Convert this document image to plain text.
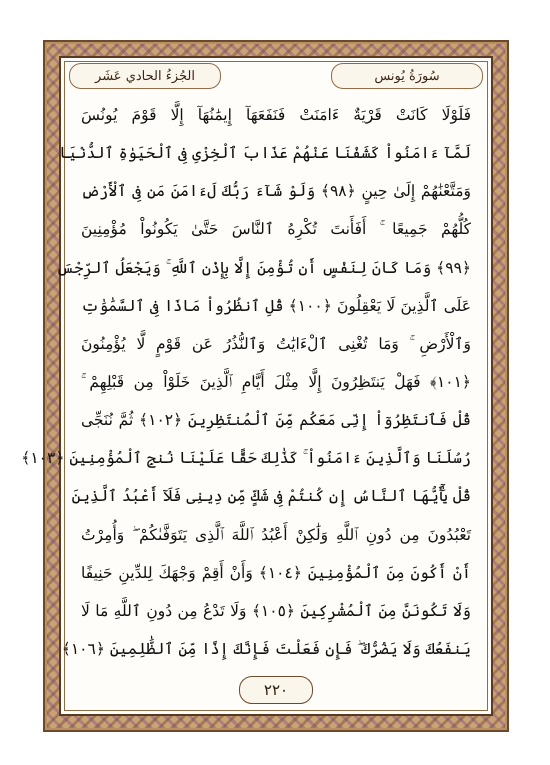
الجُزءُ الحادي عَشَر	سُورَةُ يُونس
فَلَوْلَا كَانَتْ قَرْيَةٌ ءَامَنَتْ فَنَفَعَهَآ إِيمَٰنُهَآ إِلَّا قَوْمَ يُونُسَ
لَمَّآ ءَامَنُواْ كَشَفْنَا عَنْهُمْ عَذَابَ ٱلْخِزْىِ فِى ٱلْحَيَوٰةِ ٱلدُّنْيَا
وَمَتَّعْنَٰهُمْ إِلَىٰ حِينٍ ﴿٩٨﴾ وَلَوْ شَآءَ رَبُّكَ لَءَامَنَ مَن فِى ٱلْأَرْضِ
كُلُّهُمْ جَمِيعًا ۚ أَفَأَنتَ تُكْرِهُ ٱلنَّاسَ حَتَّىٰ يَكُونُواْ مُؤْمِنِينَ
﴿٩٩﴾ وَمَا كَانَ لِنَفْسٍ أَن تُؤْمِنَ إِلَّا بِإِذْنِ ٱللَّهِ ۚ وَيَجْعَلُ ٱلرِّجْسَ
عَلَى ٱلَّذِينَ لَا يَعْقِلُونَ ﴿١٠٠﴾ قُلِ ٱنظُرُواْ مَاذَا فِى ٱلسَّمَٰوَٰتِ
وَٱلْأَرْضِ ۚ وَمَا تُغْنِى ٱلْءَايَٰتُ وَٱلنُّذُرُ عَن قَوْمٍ لَّا يُؤْمِنُونَ
﴿١٠١﴾ فَهَلْ يَنتَظِرُونَ إِلَّا مِثْلَ أَيَّامِ ٱلَّذِينَ خَلَوْاْ مِن قَبْلِهِمْ ۚ
قُلْ فَٱنتَظِرُوٓاْ إِنِّى مَعَكُم مِّنَ ٱلْمُنتَظِرِينَ ﴿١٠٢﴾ ثُمَّ نُنَجِّى
رُسُلَنَا وَٱلَّذِينَ ءَامَنُواْ ۚ كَذَٰلِكَ حَقًّا عَلَيْنَا نُنجِ ٱلْمُؤْمِنِينَ ﴿١٠٣﴾
قُلْ يَٰٓأَيُّهَا ٱلنَّاسُ إِن كُنتُمْ فِى شَكٍّ مِّن دِينِى فَلَآ أَعْبُدُ ٱلَّذِينَ
تَعْبُدُونَ مِن دُونِ ٱللَّهِ وَلَٰكِنْ أَعْبُدُ ٱللَّهَ ٱلَّذِى يَتَوَفَّىٰكُمْ ۖ وَأُمِرْتُ
أَنْ أَكُونَ مِنَ ٱلْمُؤْمِنِينَ ﴿١٠٤﴾ وَأَنْ أَقِمْ وَجْهَكَ لِلدِّينِ حَنِيفًا
وَلَا تَكُونَنَّ مِنَ ٱلْمُشْرِكِينَ ﴿١٠٥﴾ وَلَا تَدْعُ مِن دُونِ ٱللَّهِ مَا لَا
يَنفَعُكَ وَلَا يَضُرُّكَ ۖ فَإِن فَعَلْتَ فَإِنَّكَ إِذًا مِّنَ ٱلظَّٰلِمِينَ ﴿١٠٦﴾
٢٢٠
